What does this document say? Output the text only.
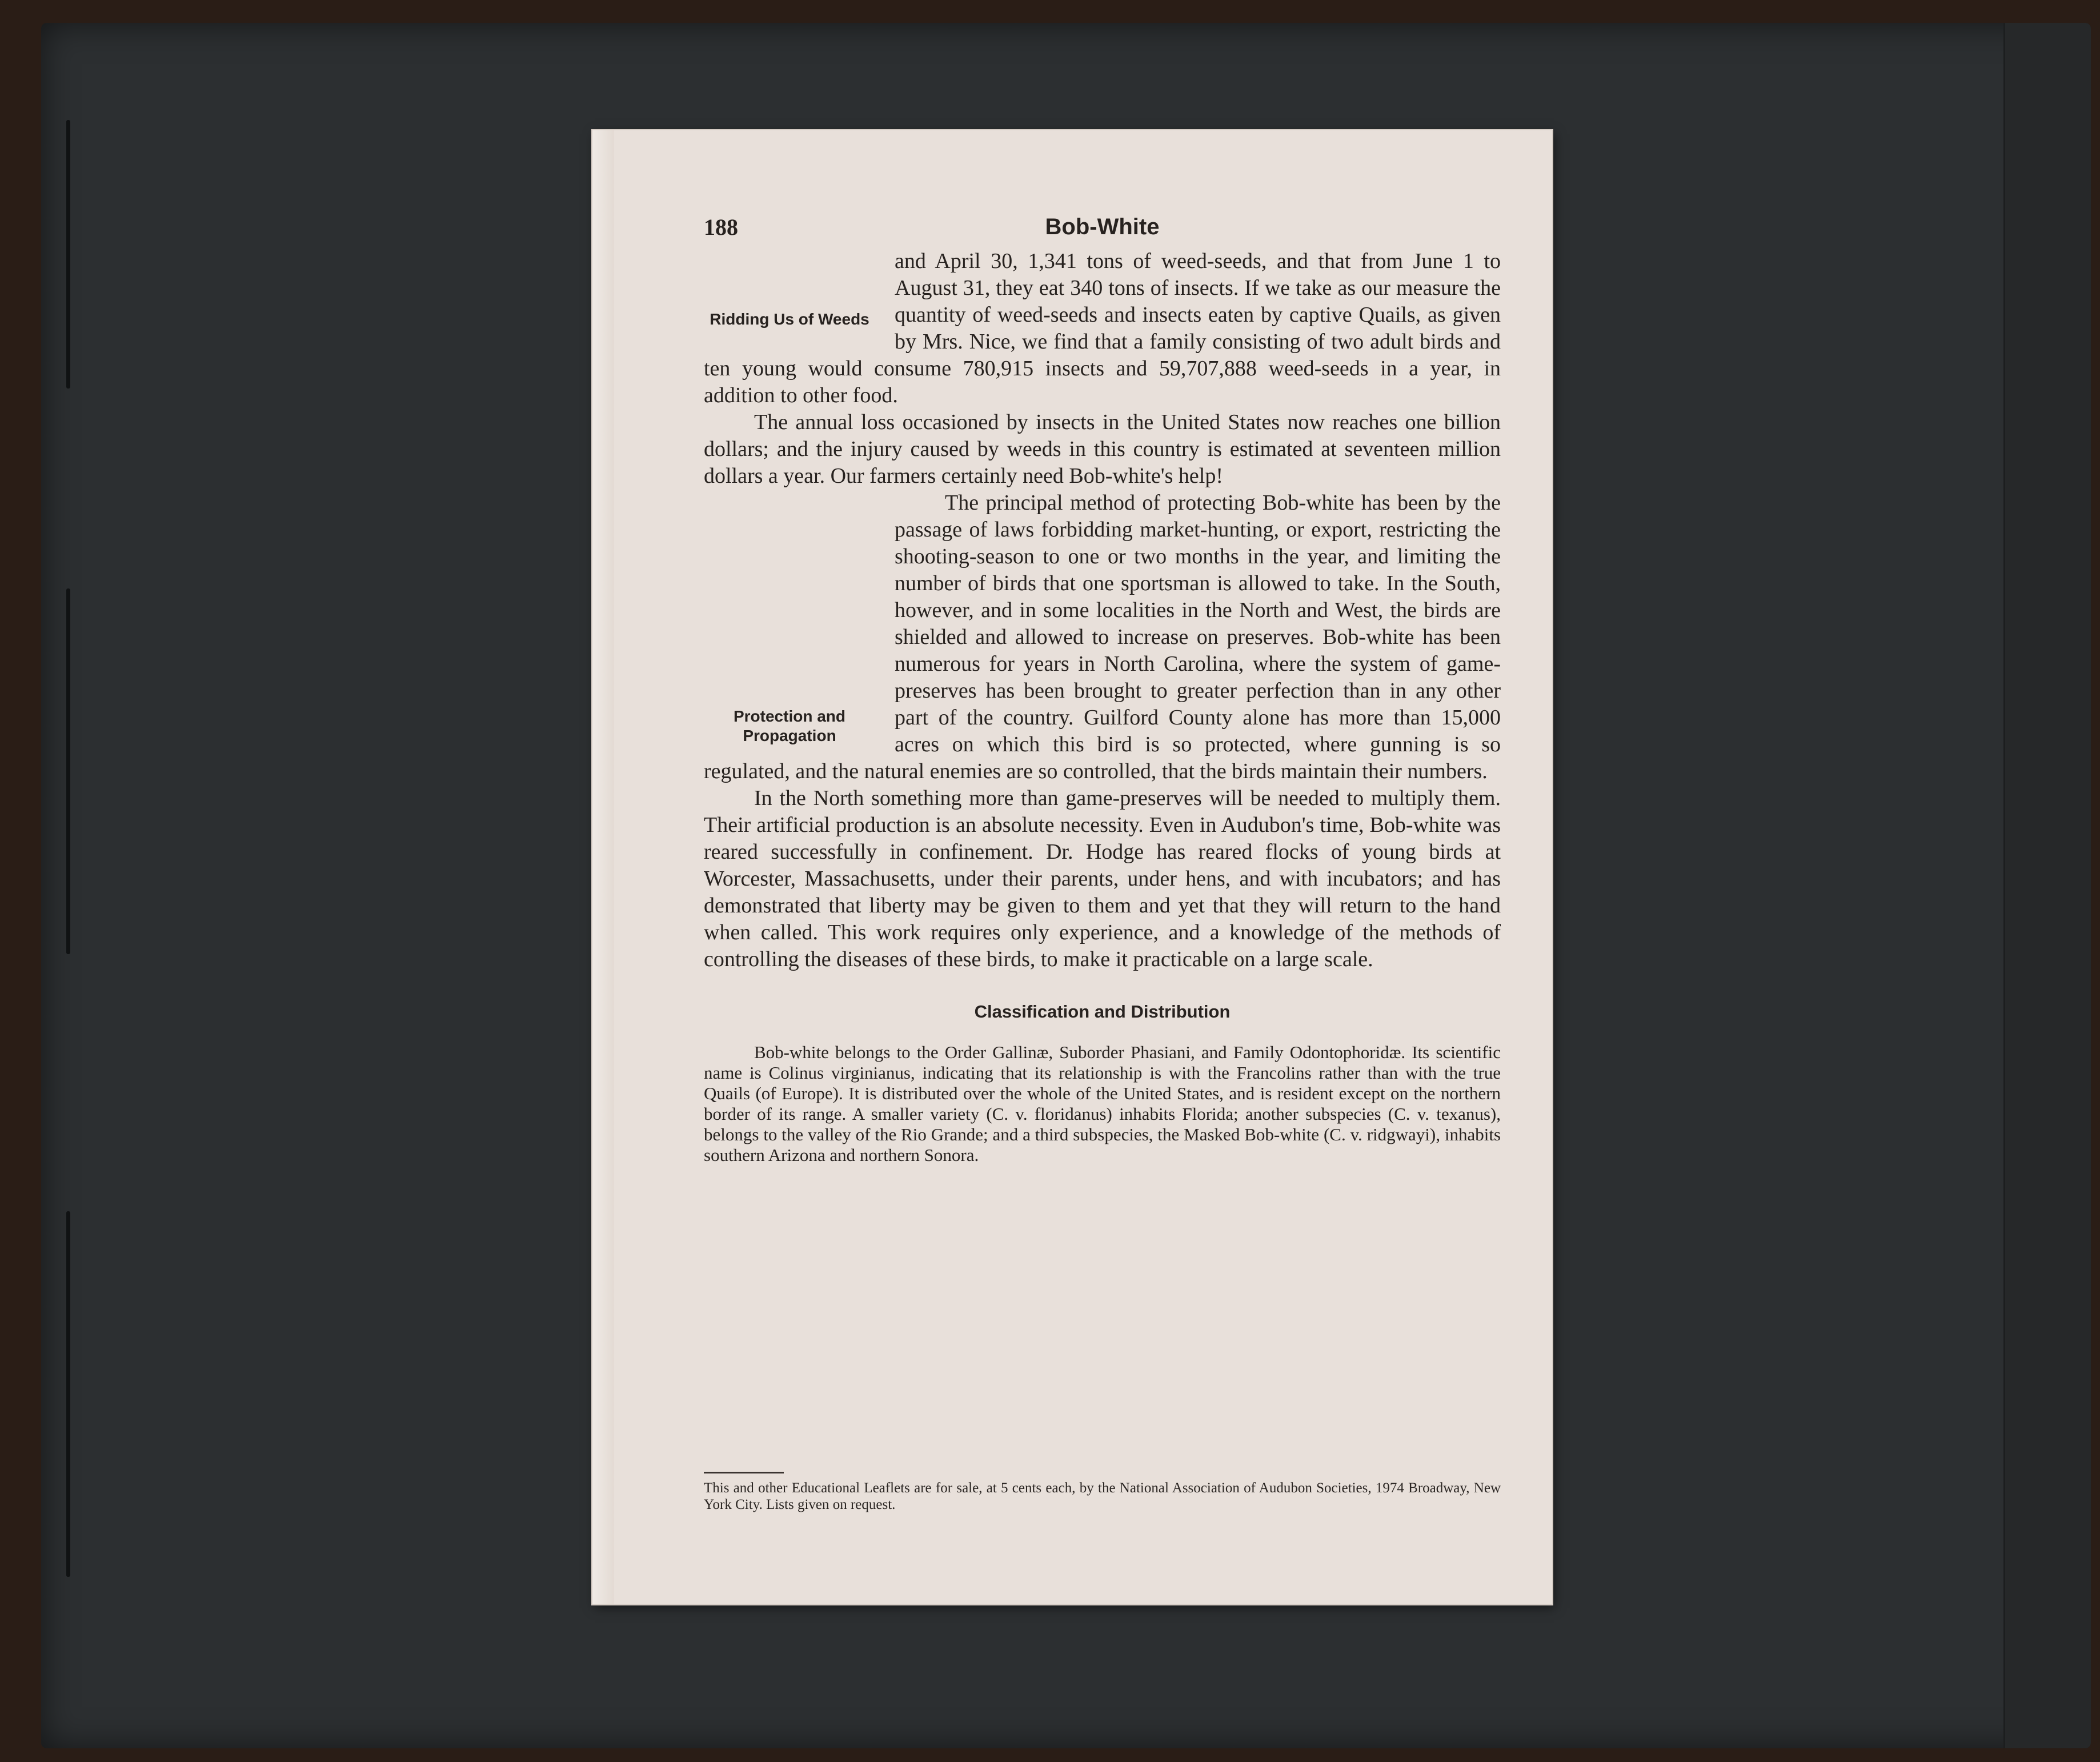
188	Bob-White
Ridding Us of Weeds

and April 30, 1,341 tons of weed-seeds, and that from June 1 to August 31, they eat 340 tons of insects. If we take as our measure the quantity of weed-seeds and insects eaten by captive Quails, as given by Mrs. Nice, we find that a family consisting of two adult birds and ten young would consume 780,915 insects and 59,707,888 weed-seeds in a year, in addition to other food.

The annual loss occasioned by insects in the United States now reaches one billion dollars; and the injury caused by weeds in this country is estimated at seventeen million dollars a year. Our farmers certainly need Bob-white's help!

Protection and Propagation

The principal method of protecting Bob-white has been by the passage of laws forbidding market-hunting, or export, restricting the shooting-season to one or two months in the year, and limiting the number of birds that one sportsman is allowed to take. In the South, however, and in some localities in the North and West, the birds are shielded and allowed to increase on preserves. Bob-white has been numerous for years in North Carolina, where the system of game-preserves has been brought to greater perfection than in any other part of the country. Guilford County alone has more than 15,000 acres on which this bird is so protected, where gunning is so regulated, and the natural enemies are so controlled, that the birds maintain their numbers.

In the North something more than game-preserves will be needed to multiply them. Their artificial production is an absolute necessity. Even in Audubon's time, Bob-white was reared successfully in confinement. Dr. Hodge has reared flocks of young birds at Worcester, Massachusetts, under their parents, under hens, and with incubators; and has demonstrated that liberty may be given to them and yet that they will return to the hand when called. This work requires only experience, and a knowledge of the methods of controlling the diseases of these birds, to make it practicable on a large scale.

Classification and Distribution

Bob-white belongs to the Order Gallinæ, Suborder Phasiani, and Family Odontophoridæ. Its scientific name is Colinus virginianus, indicating that its relationship is with the Francolins rather than with the true Quails (of Europe). It is distributed over the whole of the United States, and is resident except on the northern border of its range. A smaller variety (C. v. floridanus) inhabits Florida; another subspecies (C. v. texanus), belongs to the valley of the Rio Grande; and a third subspecies, the Masked Bob-white (C. v. ridgwayi), inhabits southern Arizona and northern Sonora.

This and other Educational Leaflets are for sale, at 5 cents each, by the National Association of Audubon Societies, 1974 Broadway, New York City. Lists given on request.
